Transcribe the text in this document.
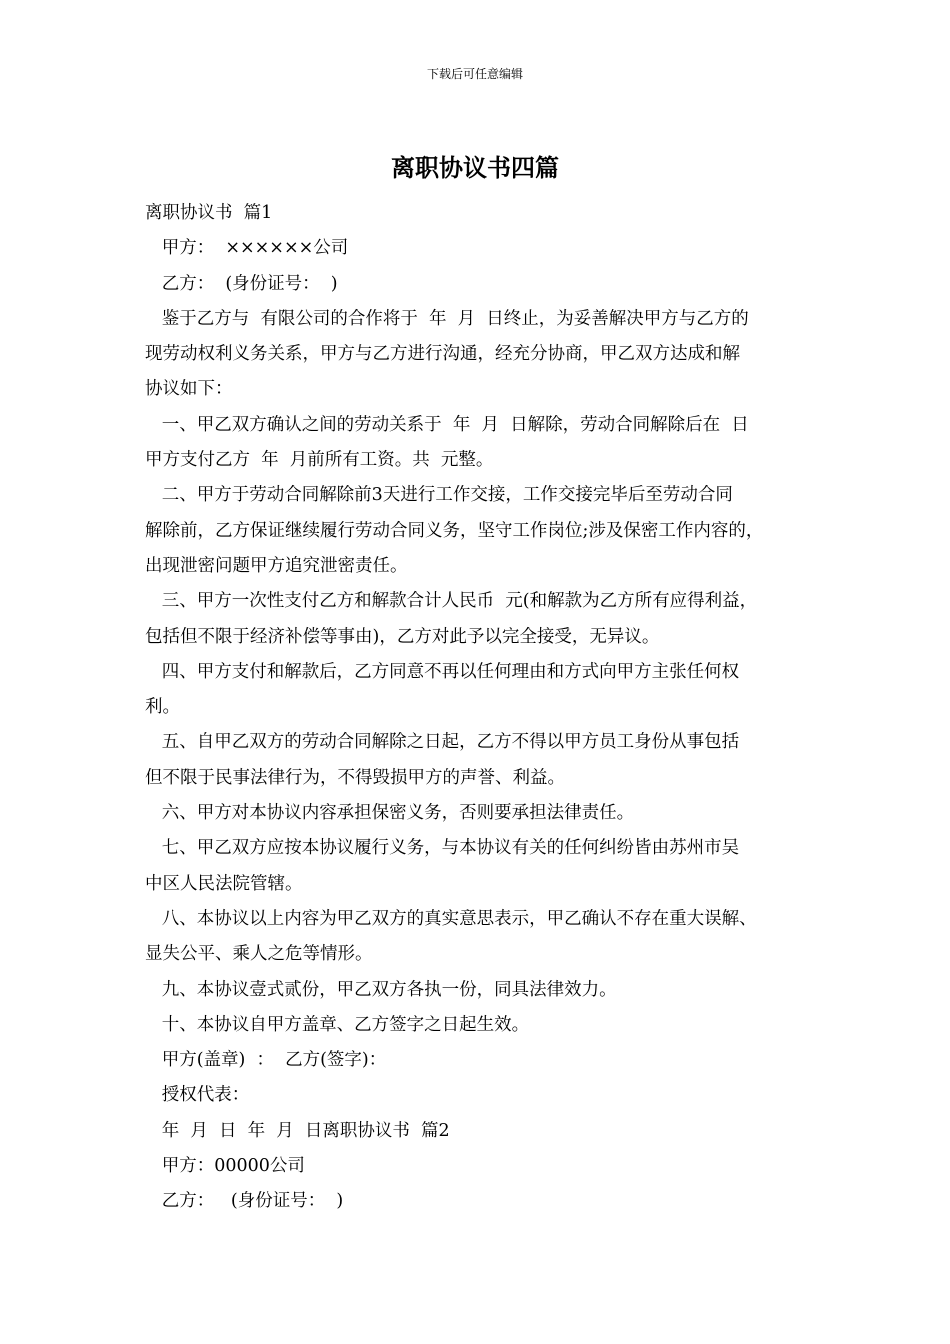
下载后可任意编辑
离职协议书四篇

离职协议书  篇1

甲方：  ××××××公司

乙方：  (身份证号：  )

鉴于乙方与  有限公司的合作将于  年  月  日终止，为妥善解决甲方与乙方的

现劳动权利义务关系，甲方与乙方进行沟通，经充分协商，甲乙双方达成和解

协议如下：

一、甲乙双方确认之间的劳动关系于  年  月  日解除，劳动合同解除后在  日

甲方支付乙方  年  月前所有工资。共  元整。

二、甲方于劳动合同解除前3天进行工作交接，工作交接完毕后至劳动合同

解除前，乙方保证继续履行劳动合同义务，坚守工作岗位;涉及保密工作内容的，

出现泄密问题甲方追究泄密责任。

三、甲方一次性支付乙方和解款合计人民币  元(和解款为乙方所有应得利益，

包括但不限于经济补偿等事由)，乙方对此予以完全接受，无异议。

四、甲方支付和解款后，乙方同意不再以任何理由和方式向甲方主张任何权

利。

五、自甲乙双方的劳动合同解除之日起，乙方不得以甲方员工身份从事包括

但不限于民事法律行为，不得毁损甲方的声誉、利益。

六、甲方对本协议内容承担保密义务，否则要承担法律责任。

七、甲乙双方应按本协议履行义务，与本协议有关的任何纠纷皆由苏州市吴

中区人民法院管辖。

八、本协议以上内容为甲乙双方的真实意思表示，甲乙确认不存在重大误解、

显失公平、乘人之危等情形。

九、本协议壹式贰份，甲乙双方各执一份，同具法律效力。

十、本协议自甲方盖章、乙方签字之日起生效。

甲方(盖章)  ：  乙方(签字)：

授权代表：

年  月  日  年  月  日离职协议书  篇2

甲方：00000公司

乙方：   (身份证号：  )
